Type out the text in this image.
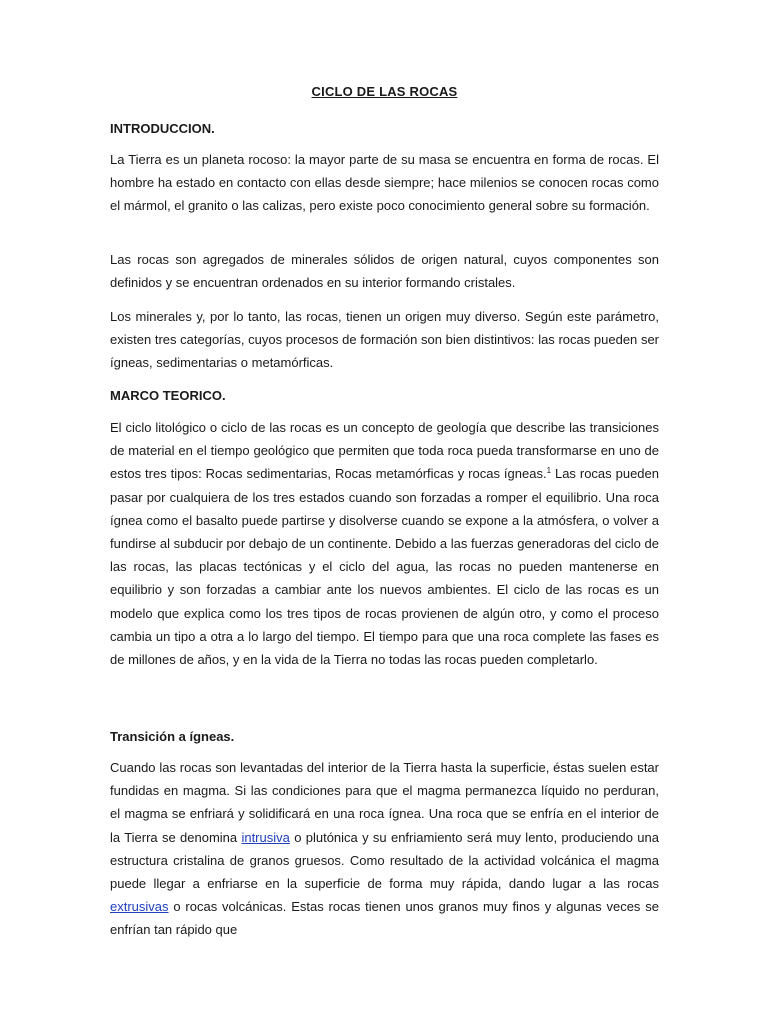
CICLO DE LAS ROCAS
INTRODUCCION.

La Tierra es un planeta rocoso: la mayor parte de su masa se encuentra en forma de rocas. El hombre ha estado en contacto con ellas desde siempre; hace milenios se conocen rocas como el mármol, el granito o las calizas, pero existe poco conocimiento general sobre su formación.

Las rocas son agregados de minerales sólidos de origen natural, cuyos componentes son definidos y se encuentran ordenados en su interior formando cristales.

Los minerales y, por lo tanto, las rocas, tienen un origen muy diverso. Según este parámetro, existen tres categorías, cuyos procesos de formación son bien distintivos: las rocas pueden ser ígneas, sedimentarias o metamórficas.

MARCO TEORICO.

El ciclo litológico o ciclo de las rocas es un concepto de geología que describe las transiciones de material en el tiempo geológico que permiten que toda roca pueda transformarse en uno de estos tres tipos: Rocas sedimentarias, Rocas metamórficas y rocas ígneas.$^1$ Las rocas pueden pasar por cualquiera de los tres estados cuando son forzadas a romper el equilibrio. Una roca ígnea como el basalto puede partirse y disolverse cuando se expone a la atmósfera, o volver a fundirse al subducir por debajo de un continente. Debido a las fuerzas generadoras del ciclo de las rocas, las placas tectónicas y el ciclo del agua, las rocas no pueden mantenerse en equilibrio y son forzadas a cambiar ante los nuevos ambientes. El ciclo de las rocas es un modelo que explica como los tres tipos de rocas provienen de algún otro, y como el proceso cambia un tipo a otra a lo largo del tiempo. El tiempo para que una roca complete las fases es de millones de años, y en la vida de la Tierra no todas las rocas pueden completarlo.

Transición a ígneas.

Cuando las rocas son levantadas del interior de la Tierra hasta la superficie, éstas suelen estar fundidas en magma. Si las condiciones para que el magma permanezca líquido no perduran, el magma se enfriará y solidificará en una roca ígnea. Una roca que se enfría en el interior de la Tierra se denomina intrusiva o plutónica y su enfriamiento será muy lento, produciendo una estructura cristalina de granos gruesos. Como resultado de la actividad volcánica el magma puede llegar a enfriarse en la superficie de forma muy rápida, dando lugar a las rocas extrusivas o rocas volcánicas. Estas rocas tienen unos granos muy finos y algunas veces se enfrían tan rápido que
